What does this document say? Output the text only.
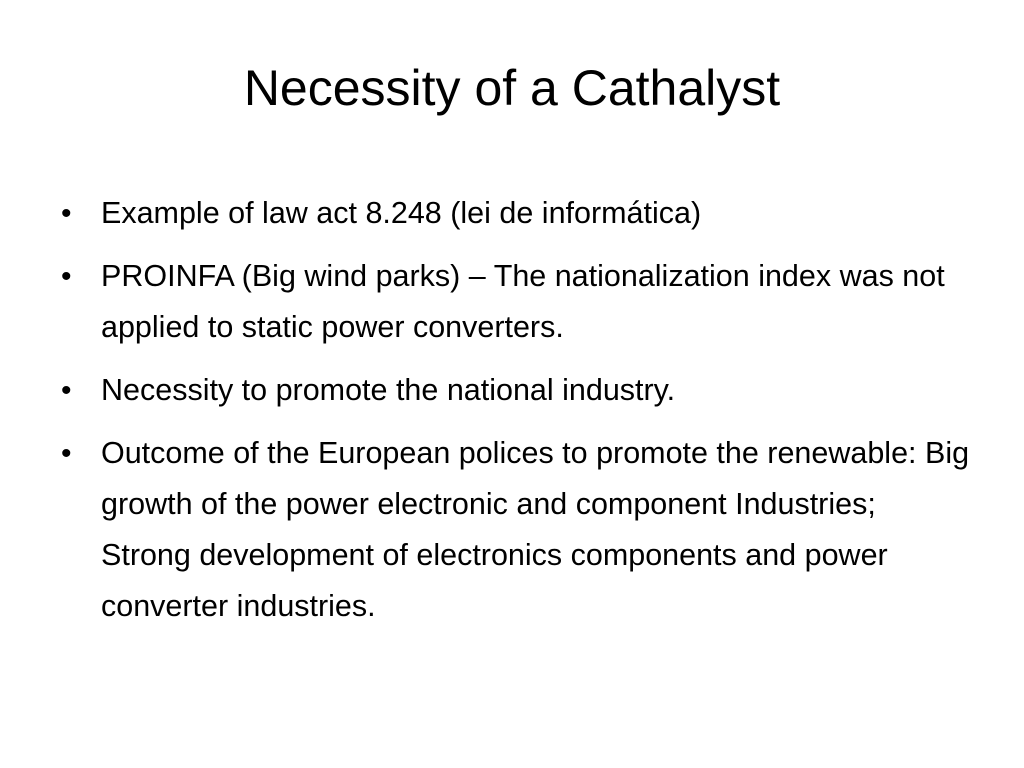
Necessity of a Cathalyst
• Example of law act 8.248 (lei de informática)
• PROINFA (Big wind parks) – The nationalization index was not applied to static power converters.
• Necessity to promote the national industry.
• Outcome of the European polices to promote the renewable: Big growth of the power electronic and component Industries; Strong development of electronics components and power converter industries.
